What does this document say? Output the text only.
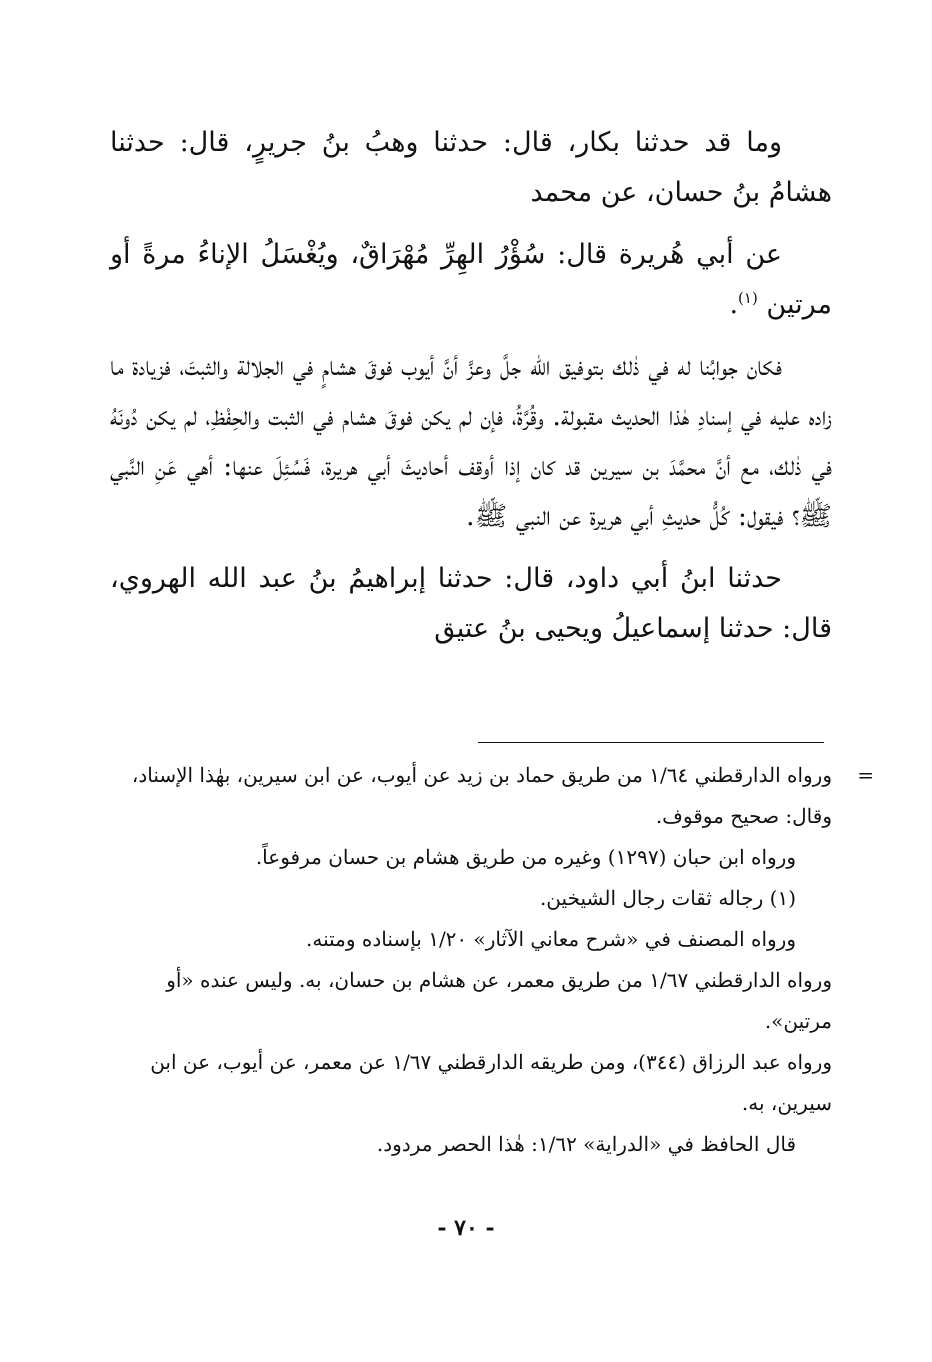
وما قد حدثنا بكار، قال: حدثنا وهبُ بنُ جريرٍ، قال: حدثنا هشامُ بنُ حسان، عن محمد

عن أبي هُريرة قال: سُؤْرُ الهِرِّ مُهْرَاقٌ، ويُغْسَلُ الإناءُ مرةً أو مرتين $^{(١)}$.

فكان جوابُنا له في ذٰلك بتوفيق الله جلَّ وعزَّ أنَّ أيوب فوقَ هشامٍ في الجلالة والثبتَ، فزيادة ما زاده عليه في إسنادِ هٰذا الحديث مقبولة. وقُرَّةُ، فإن لم يكن فوقَ هشام في الثبت والحِفْظِ، لم يكن دُونَهُ في ذٰلك، مع أنَّ محمَّدَ بن سيرين قد كان إذا أوقف أحاديثَ أبي هريرة، فَسُئِلَ عنها: أهي عَنِ النَّبي ﷺ؟ فيقول: كُلُّ حديثِ أبي هريرة عن النبي ﷺ.

حدثنا ابنُ أبي داود، قال: حدثنا إبراهيمُ بنُ عبد الله الهروي، قال: حدثنا إسماعيلُ ويحيى بنُ عتيق

=
ورواه الدارقطني ١/٦٤ من طريق حماد بن زيد عن أيوب، عن ابن سيرين، بهٰذا الإسناد، وقال: صحيح موقوف.

ورواه ابن حبان (١٢٩٧) وغيره من طريق هشام بن حسان مرفوعاً.

(١) رجاله ثقات رجال الشيخين.

ورواه المصنف في «شرح معاني الآثار» ١/٢٠ بإسناده ومتنه.

ورواه الدارقطني ١/٦٧ من طريق معمر، عن هشام بن حسان، به. وليس عنده «أو مرتين».

ورواه عبد الرزاق (٣٤٤)، ومن طريقه الدارقطني ١/٦٧ عن معمر، عن أيوب، عن ابن سيرين، به.

قال الحافظ في «الدراية» ١/٦٢: هٰذا الحصر مردود.

- ٧٠ -
